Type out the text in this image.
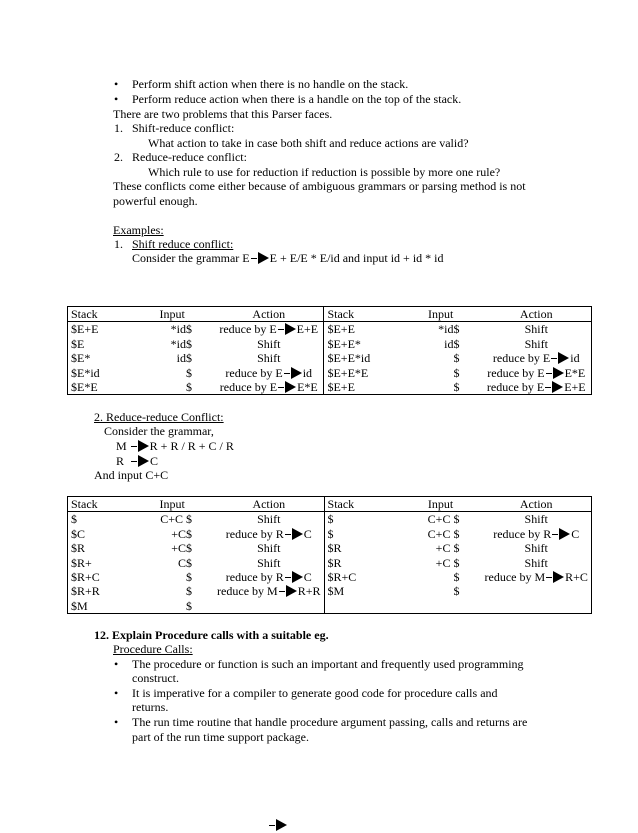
• Perform shift action when there is no handle on the stack.
• Perform reduce action when there is a handle on the top of the stack.
There are two problems that this Parser faces.
1. Shift-reduce conflict:
What action to take in case both shift and reduce actions are valid?
2. Reduce-reduce conflict:
Which rule to use for reduction if reduction is possible by more one rule?
These conflicts come either because of ambiguous grammars or parsing method is not
powerful enough.
Examples:
1. Shift reduce conflict:
Consider the grammar E E + E/E * E/id and input id + id * id
Stack	Input	Action	Stack	Input	Action
$E+E	*id$	reduce by E E+E	$E+E	*id$	Shift
$E	*id$	Shift	$E+E*	id$	Shift
$E*	id$	Shift	$E+E*id	$	reduce by E id
$E*id	$	reduce by E id	$E+E*E	$	reduce by E E*E
$E*E	$	reduce by E E*E	$E+E	$	reduce by E E+E
2. Reduce-reduce Conflict:
Consider the grammar,
M R + R / R + C / R
R C
And input C+C
Stack	Input	Action	Stack	Input	Action
$	C+C $	Shift	$	C+C $	Shift
$C	+C$	reduce by R C	$	C+C $	reduce by R C
$R	+C$	Shift	$R	+C $	Shift
$R+	C$	Shift	$R	+C $	Shift
$R+C	$	reduce by R C	$R+C	$	reduce by M R+C
$R+R	$	reduce by M R+R	$M	$	
$M	$				
12. Explain Procedure calls with a suitable eg.
Procedure Calls:
• The procedure or function is such an important and frequently used programming
construct.
• It is imperative for a compiler to generate good code for procedure calls and
returns.
• The run time routine that handle procedure argument passing, calls and returns are
part of the run time support package.
